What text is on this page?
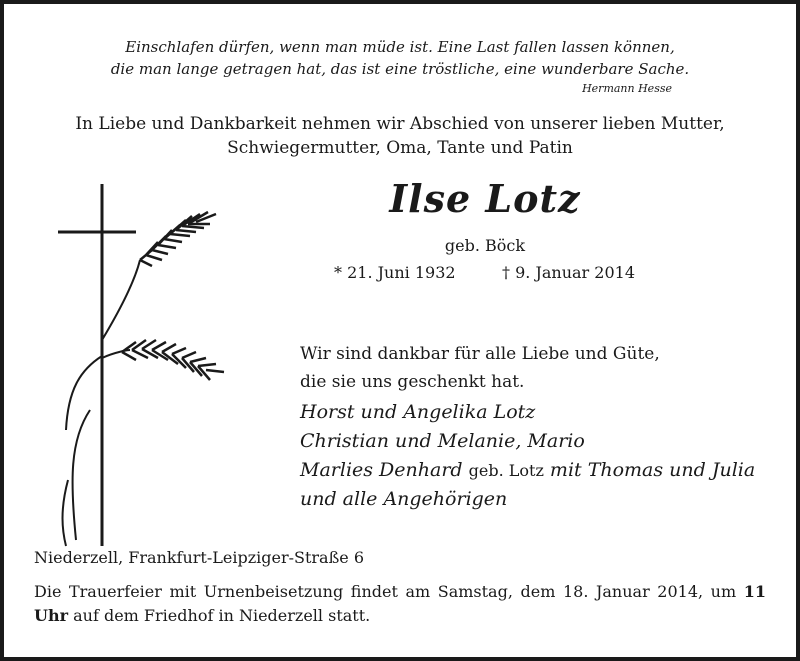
Einschlafen dürfen, wenn man müde ist. Eine Last fallen lassen können,
die man lange getragen hat, das ist eine tröstliche, eine wunderbare Sache.
Hermann Hesse
In Liebe und Dankbarkeit nehmen wir Abschied von unserer lieben Mutter,
Schwiegermutter, Oma, Tante und Patin
Ilse Lotz
geb. Böck
* 21. Juni 1932	† 9. Januar 2014
Wir sind dankbar für alle Liebe und Güte,
die sie uns geschenkt hat.
Horst und Angelika Lotz
Christian und Melanie, Mario
Marlies Denhard geb. Lotz mit Thomas und Julia
und alle Angehörigen
Niederzell, Frankfurt-Leipziger-Straße 6
Die Trauerfeier mit Urnenbeisetzung findet am Samstag, dem 18. Januar 2014, um 11 Uhr auf dem Friedhof in Niederzell statt.
